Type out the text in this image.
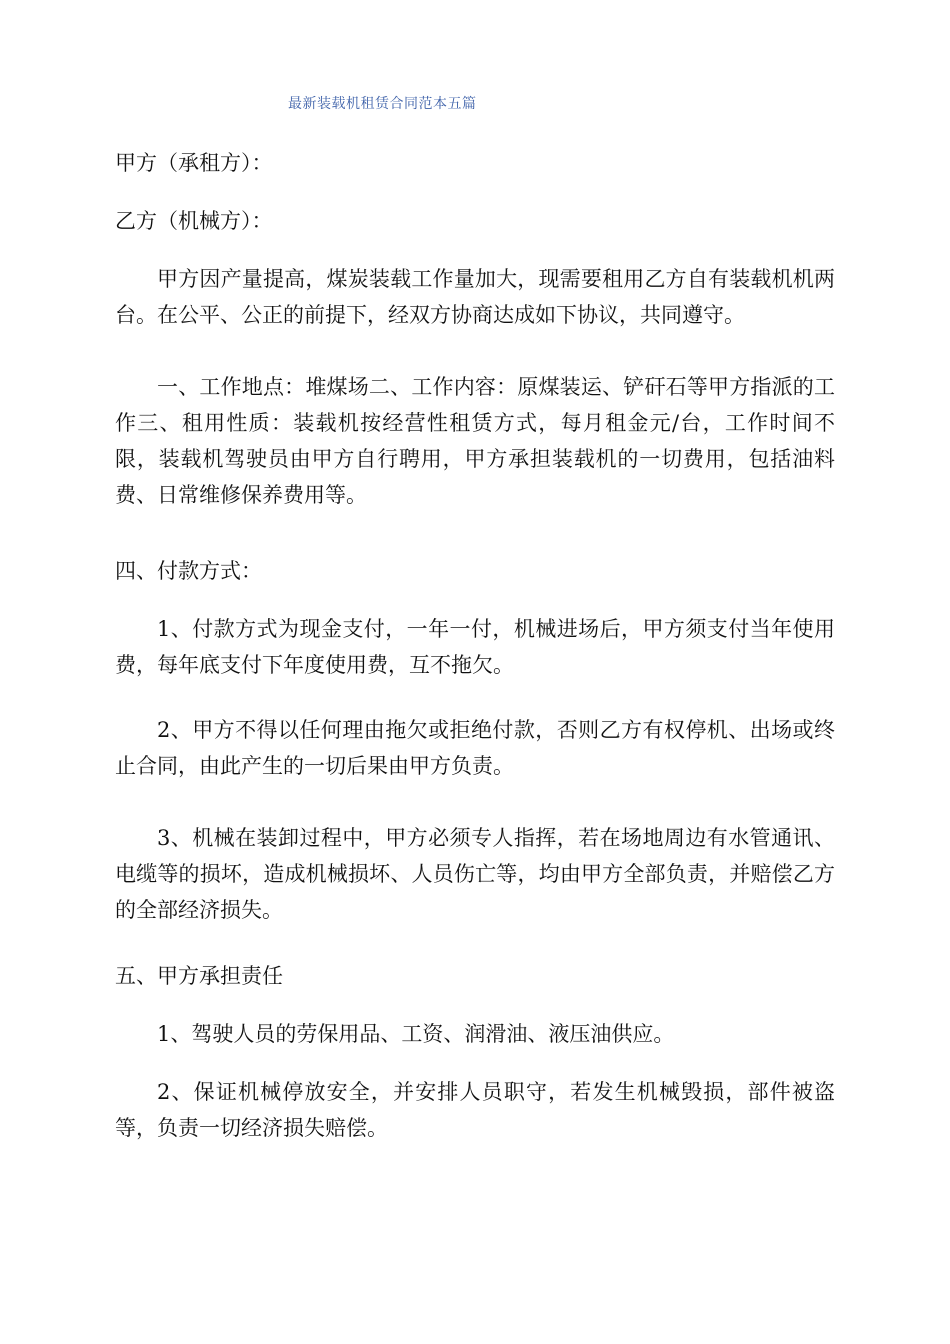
最新装载机租赁合同范本五篇

甲方（承租方）：

乙方（机械方）：

甲方因产量提高，煤炭装载工作量加大，现需要租用乙方自有装载机机两台。在公平、公正的前提下，经双方协商达成如下协议，共同遵守。

一、工作地点：堆煤场二、工作内容：原煤装运、铲矸石等甲方指派的工作三、租用性质：装载机按经营性租赁方式，每月租金元/台，工作时间不限，装载机驾驶员由甲方自行聘用，甲方承担装载机的一切费用，包括油料费、日常维修保养费用等。

四、付款方式：

1、付款方式为现金支付，一年一付，机械进场后，甲方须支付当年使用费，每年底支付下年度使用费，互不拖欠。

2、甲方不得以任何理由拖欠或拒绝付款，否则乙方有权停机、出场或终止合同，由此产生的一切后果由甲方负责。

3、机械在装卸过程中，甲方必须专人指挥，若在场地周边有水管通讯、电缆等的损坏，造成机械损坏、人员伤亡等，均由甲方全部负责，并赔偿乙方的全部经济损失。

五、甲方承担责任

1、驾驶人员的劳保用品、工资、润滑油、液压油供应。

2、保证机械停放安全，并安排人员职守，若发生机械毁损，部件被盗等，负责一切经济损失赔偿。
